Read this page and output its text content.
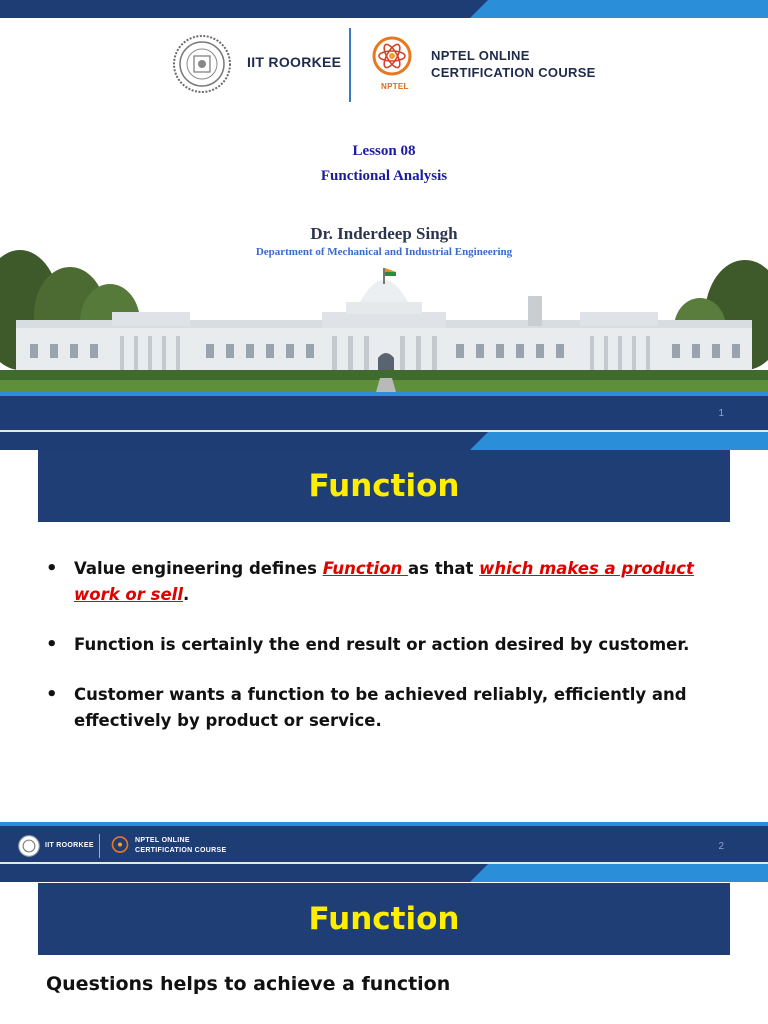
IIT ROORKEE
NPTEL
NPTEL ONLINE
CERTIFICATION COURSE
Lesson 08
Functional Analysis
Dr. Inderdeep Singh
Department of Mechanical and Industrial Engineering
1
Function
• Value engineering defines Function as that which makes a product work or sell.
• Function is certainly the end result or action desired by customer.
• Customer wants a function to be achieved reliably, efficiently and effectively by product or service.
IIT ROORKEE
NPTEL ONLINE
CERTIFICATION COURSE	2
Function
Questions helps to achieve a function
